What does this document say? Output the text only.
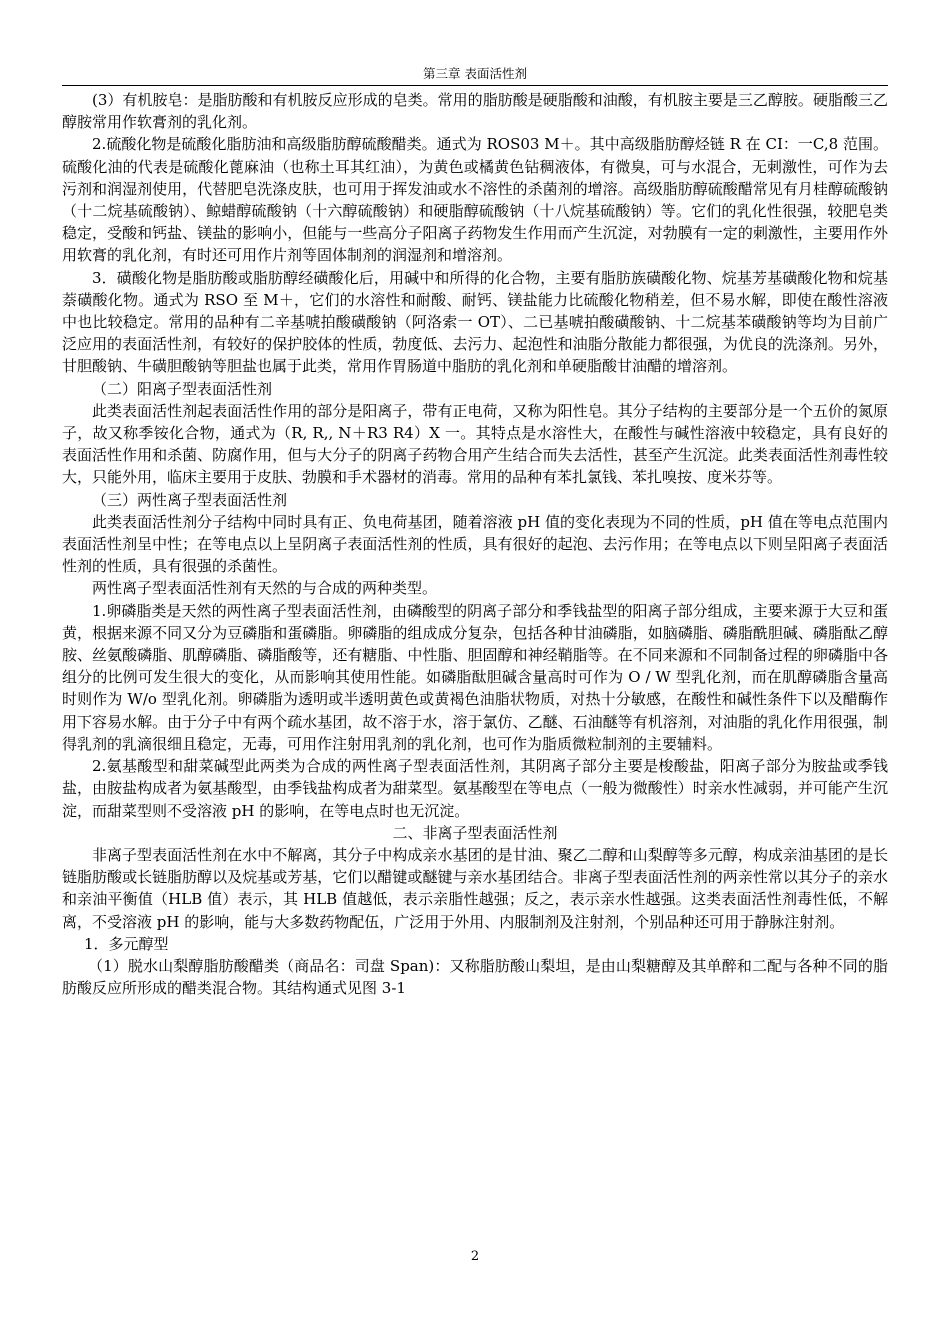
第三章 表面活性剂

(3）有机胺皂：是脂肪酸和有机胺反应形成的皂类。常用的脂肪酸是硬脂酸和油酸，有机胺主要是三乙醇胺。硬脂酸三乙醇胺常用作软膏剂的乳化剂。

2.硫酸化物是硫酸化脂肪油和高级脂肪醇硫酸醋类。通式为 ROS03 M＋。其中高级脂肪醇烃链 R 在 CI：一C,8 范围。硫酸化油的代表是硫酸化蓖麻油（也称土耳其红油），为黄色或橘黄色钻稠液体，有微臭，可与水混合，无刺激性，可作为去污剂和润湿剂使用，代替肥皂洗涤皮肤，也可用于挥发油或水不溶性的杀菌剂的增溶。高级脂肪醇硫酸醋常见有月桂醇硫酸钠（十二烷基硫酸钠）、鲸蜡醇硫酸钠（十六醇硫酸钠）和硬脂醇硫酸钠（十八烷基硫酸钠）等。它们的乳化性很强，较肥皂类稳定，受酸和钙盐、镁盐的影响小，但能与一些高分子阳离子药物发生作用而产生沉淀，对勃膜有一定的刺激性，主要用作外用软膏的乳化剂，有时还可用作片剂等固体制剂的润湿剂和增溶剂。

3．磺酸化物是脂肪酸或脂肪醇经磺酸化后，用碱中和所得的化合物，主要有脂肪族磺酸化物、烷基芳基磺酸化物和烷基萘磺酸化物。通式为 RSO 至 M＋，它们的水溶性和耐酸、耐钙、镁盐能力比硫酸化物稍差，但不易水解，即使在酸性溶液中也比较稳定。常用的品种有二辛基唬拍酸磺酸钠（阿洛索一 OT）、二已基唬拍酸磺酸钠、十二烷基苯磺酸钠等均为目前广泛应用的表面活性剂，有较好的保护胶体的性质，勃度低、去污力、起泡性和油脂分散能力都很强，为优良的洗涤剂。另外，甘胆酸钠、牛磺胆酸钠等胆盐也属于此类，常用作胃肠道中脂肪的乳化剂和单硬脂酸甘油醋的增溶剂。

（二）阳离子型表面活性剂

此类表面活性剂起表面活性作用的部分是阳离子，带有正电荷，又称为阳性皂。其分子结构的主要部分是一个五价的氮原子，故又称季铵化合物，通式为（R, R,, N＋R3 R4）X 一。其特点是水溶性大，在酸性与碱性溶液中较稳定，具有良好的表面活性作用和杀菌、防腐作用，但与大分子的阴离子药物合用产生结合而失去活性，甚至产生沉淀。此类表面活性剂毒性较大，只能外用，临床主要用于皮肤、勃膜和手术器材的消毒。常用的品种有苯扎氯钱、苯扎嗅按、度米芬等。

（三）两性离子型表面活性剂

此类表面活性剂分子结构中同时具有正、负电荷基团，随着溶液 pH 值的变化表现为不同的性质，pH 值在等电点范围内表面活性剂呈中性；在等电点以上呈阴离子表面活性剂的性质，具有很好的起泡、去污作用；在等电点以下则呈阳离子表面活性剂的性质，具有很强的杀菌性。

两性离子型表面活性剂有天然的与合成的两种类型。

1.卵磷脂类是天然的两性离子型表面活性剂，由磷酸型的阴离子部分和季钱盐型的阳离子部分组成，主要来源于大豆和蛋黄，根据来源不同又分为豆磷脂和蛋磷脂。卵磷脂的组成成分复杂，包括各种甘油磷脂，如脑磷脂、磷脂酰胆碱、磷脂酞乙醇胺、丝氨酸磷脂、肌醇磷脂、磷脂酸等，还有糖脂、中性脂、胆固醇和神经鞘脂等。在不同来源和不同制备过程的卵磷脂中各组分的比例可发生很大的变化，从而影响其使用性能。如磷脂酞胆碱含量高时可作为 O / W 型乳化剂，而在肌醇磷脂含量高时则作为 W/o 型乳化剂。卵磷脂为透明或半透明黄色或黄褐色油脂状物质，对热十分敏感，在酸性和碱性条件下以及醋酶作用下容易水解。由于分子中有两个疏水基团，故不溶于水，溶于氯仿、乙醚、石油醚等有机溶剂，对油脂的乳化作用很强，制得乳剂的乳滴很细且稳定，无毒，可用作注射用乳剂的乳化剂，也可作为脂质微粒制剂的主要辅料。

2.氨基酸型和甜菜碱型此两类为合成的两性离子型表面活性剂，其阴离子部分主要是梭酸盐，阳离子部分为胺盐或季钱盐，由胺盐构成者为氨基酸型，由季钱盐构成者为甜菜型。氨基酸型在等电点（一般为微酸性）时亲水性减弱，并可能产生沉淀，而甜菜型则不受溶液 pH 的影响，在等电点时也无沉淀。

二、非离子型表面活性剂

非离子型表面活性剂在水中不解离，其分子中构成亲水基团的是甘油、聚乙二醇和山梨醇等多元醇，构成亲油基团的是长链脂肪酸或长链脂肪醇以及烷基或芳基，它们以醋键或醚键与亲水基团结合。非离子型表面活性剂的两亲性常以其分子的亲水和亲油平衡值（HLB 值）表示，其 HLB 值越低，表示亲脂性越强；反之，表示亲水性越强。这类表面活性剂毒性低，不解离，不受溶液 pH 的影响，能与大多数药物配伍，广泛用于外用、内服制剂及注射剂，个别品种还可用于静脉注射剂。

1．多元醇型

（1）脱水山梨醇脂肪酸醋类（商品名：司盘 Span)：又称脂肪酸山梨坦，是由山梨糖醇及其单醉和二配与各种不同的脂肪酸反应所形成的醋类混合物。其结构通式见图 3-1

2
